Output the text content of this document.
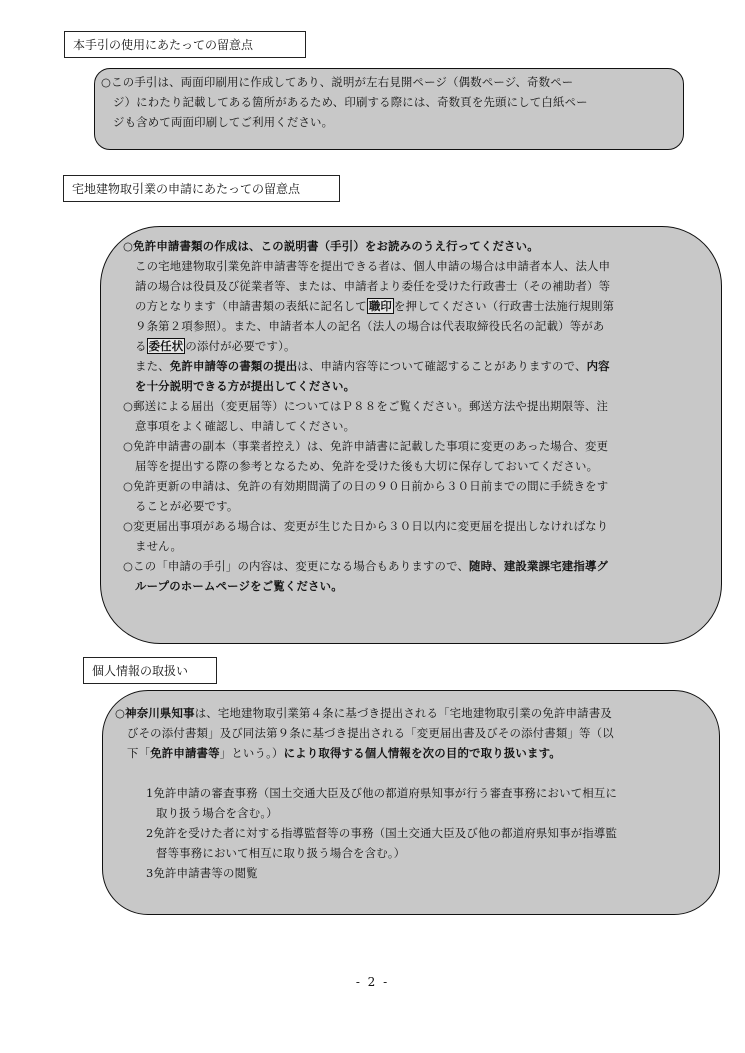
本手引の使用にあたっての留意点
○この手引は、両面印刷用に作成してあり、説明が左右見開ページ（偶数ページ、奇数ペー
ジ）にわたり記載してある箇所があるため、印刷する際には、奇数頁を先頭にして白紙ペー
ジも含めて両面印刷してご利用ください。
宅地建物取引業の申請にあたっての留意点
○免許申請書類の作成は、この説明書（手引）をお読みのうえ行ってください。
この宅地建物取引業免許申請書等を提出できる者は、個人申請の場合は申請者本人、法人申
請の場合は役員及び従業者等、または、申請者より委任を受けた行政書士（その補助者）等
の方となります（申請書類の表紙に記名して 職印 を押してください（行政書士法施行規則第
９条第２項参照）。また、申請者本人の記名（法人の場合は代表取締役氏名の記載）等があ
る 委任状 の添付が必要です）。
また、免許申請等の書類の提出は、申請内容等について確認することがありますので、内容
を十分説明できる方が提出してください。
○郵送による届出（変更届等）についてはＰ８８をご覧ください。郵送方法や提出期限等、注
意事項をよく確認し、申請してください。
○免許申請書の副本（事業者控え）は、免許申請書に記載した事項に変更のあった場合、変更
届等を提出する際の参考となるため、免許を受けた後も大切に保存しておいてください。
○免許更新の申請は、免許の有効期間満了の日の９０日前から３０日前までの間に手続きをす
ることが必要です。
○変更届出事項がある場合は、変更が生じた日から３０日以内に変更届を提出しなければなり
ません。
○この「申請の手引」の内容は、変更になる場合もありますので、随時、建設業課宅建指導グ
ループのホームページをご覧ください。
個人情報の取扱い
○神奈川県知事は、宅地建物取引業第４条に基づき提出される「宅地建物取引業の免許申請書及
びその添付書類」及び同法第９条に基づき提出される「変更届出書及びその添付書類」等（以
下「免許申請書等」という。）により取得する個人情報を次の目的で取り扱います。
1免許申請の審査事務（国土交通大臣及び他の都道府県知事が行う審査事務において相互に
取り扱う場合を含む。）
2免許を受けた者に対する指導監督等の事務（国土交通大臣及び他の都道府県知事が指導監
督等事務において相互に取り扱う場合を含む。）
3免許申請書等の閲覧
- 2 -
